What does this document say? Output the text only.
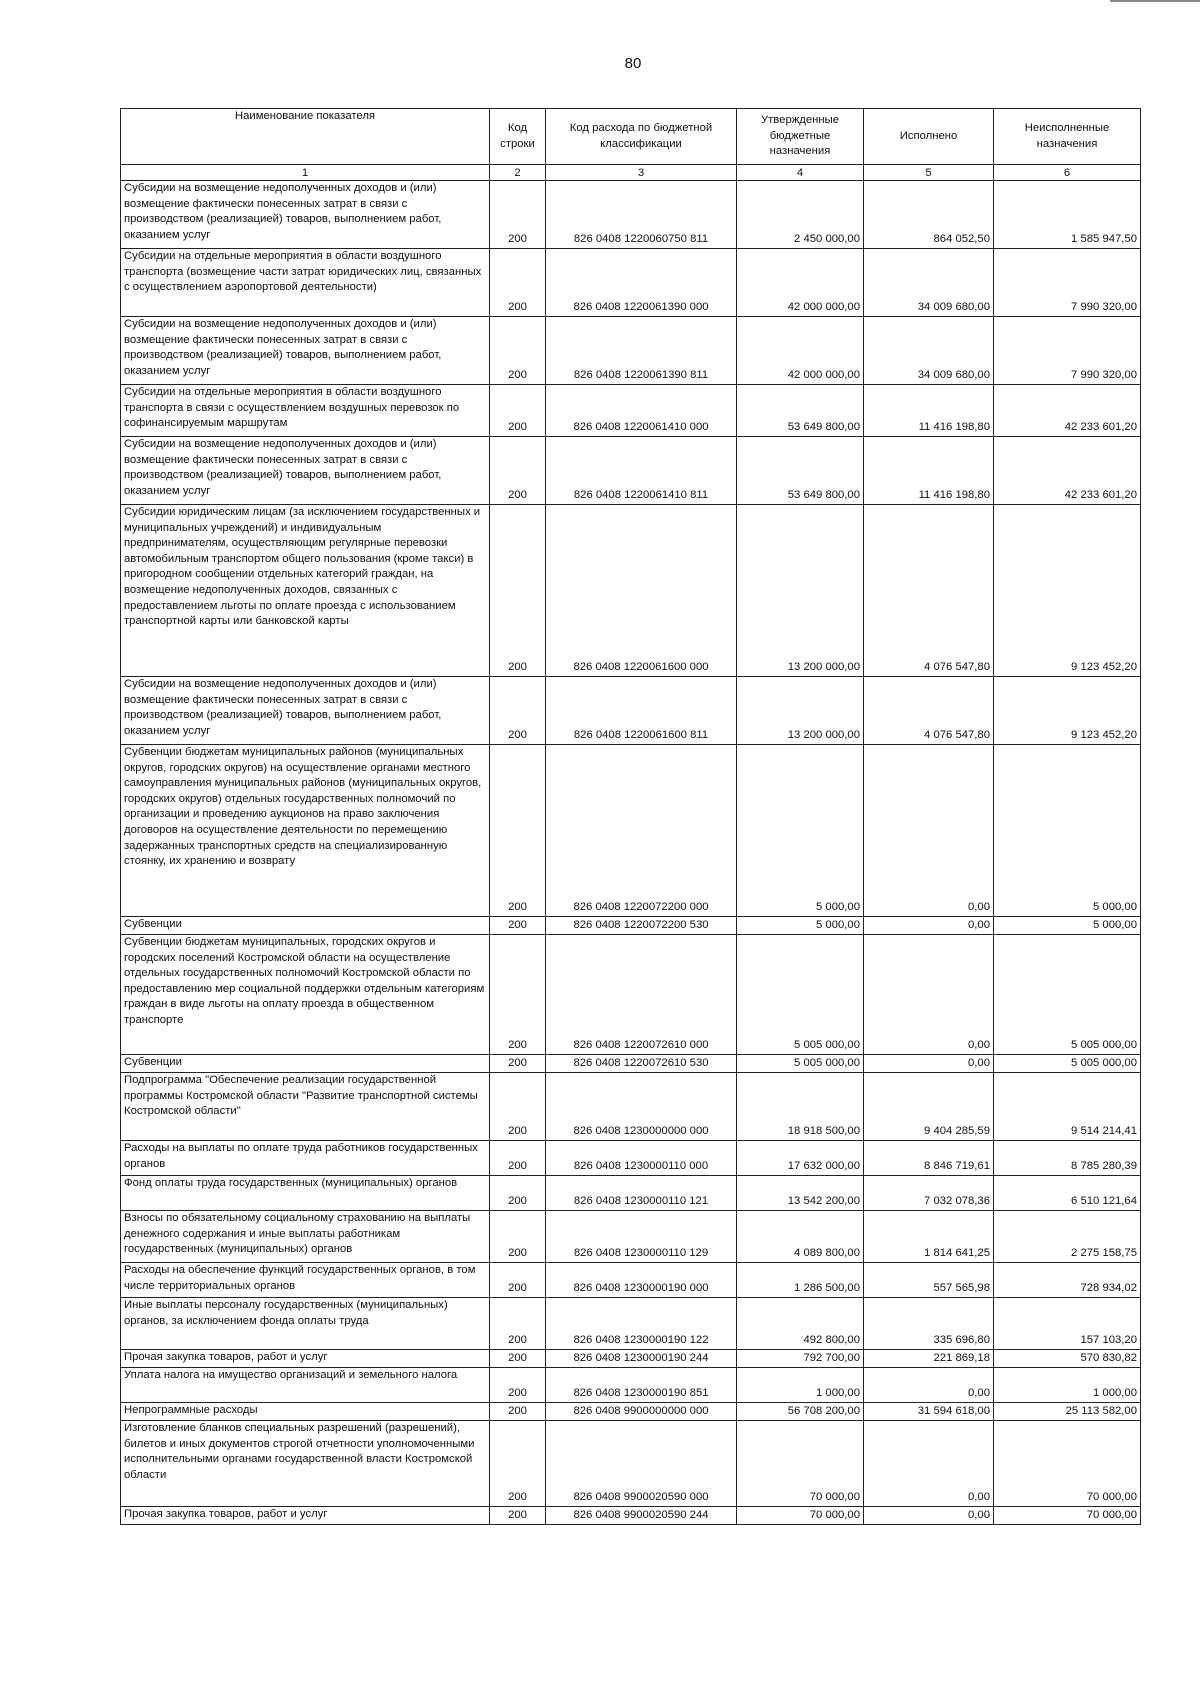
80
Наименование показателя	Код строки	Код расхода по бюджетной классификации	Утвержденные бюджетные назначения	Исполнено	Неисполненные назначения
1	2	3	4	5	6
Субсидии на возмещение недополученных доходов и (или) возмещение фактически понесенных затрат в связи с производством (реализацией) товаров, выполнением работ, оказанием услуг	200	826 0408 1220060750 811	2 450 000,00	864 052,50	1 585 947,50
Субсидии на отдельные мероприятия в области воздушного транспорта (возмещение части затрат юридических лиц, связанных с осуществлением аэропортовой деятельности)	200	826 0408 1220061390 000	42 000 000,00	34 009 680,00	7 990 320,00
Субсидии на возмещение недополученных доходов и (или) возмещение фактически понесенных затрат в связи с производством (реализацией) товаров, выполнением работ, оказанием услуг	200	826 0408 1220061390 811	42 000 000,00	34 009 680,00	7 990 320,00
Субсидии на отдельные мероприятия в области воздушного транспорта в связи с осуществлением воздушных перевозок по софинансируемым маршрутам	200	826 0408 1220061410 000	53 649 800,00	11 416 198,80	42 233 601,20
Субсидии на возмещение недополученных доходов и (или) возмещение фактически понесенных затрат в связи с производством (реализацией) товаров, выполнением работ, оказанием услуг	200	826 0408 1220061410 811	53 649 800,00	11 416 198,80	42 233 601,20
Субсидии юридическим лицам (за исключением государственных и муниципальных учреждений) и индивидуальным предпринимателям, осуществляющим регулярные перевозки автомобильным транспортом общего пользования (кроме такси) в пригородном сообщении отдельных категорий граждан, на возмещение недополученных доходов, связанных с предоставлением льготы по оплате проезда с использованием транспортной карты или банковской карты	200	826 0408 1220061600 000	13 200 000,00	4 076 547,80	9 123 452,20
Субсидии на возмещение недополученных доходов и (или) возмещение фактически понесенных затрат в связи с производством (реализацией) товаров, выполнением работ, оказанием услуг	200	826 0408 1220061600 811	13 200 000,00	4 076 547,80	9 123 452,20
Субвенции бюджетам муниципальных районов (муниципальных округов, городских округов) на осуществление органами местного самоуправления муниципальных районов (муниципальных округов, городских округов) отдельных государственных полномочий по организации и проведению аукционов на право заключения договоров на осуществление деятельности по перемещению задержанных транспортных средств на специализированную стоянку, их хранению и возврату	200	826 0408 1220072200 000	5 000,00	0,00	5 000,00
Субвенции	200	826 0408 1220072200 530	5 000,00	0,00	5 000,00
Субвенции бюджетам муниципальных, городских округов и городских поселений Костромской области на осуществление отдельных государственных полномочий Костромской области по предоставлению мер социальной поддержки отдельным категориям граждан в виде льготы на оплату проезда в общественном транспорте	200	826 0408 1220072610 000	5 005 000,00	0,00	5 005 000,00
Субвенции	200	826 0408 1220072610 530	5 005 000,00	0,00	5 005 000,00
Подпрограмма "Обеспечение реализации государственной программы Костромской области "Развитие транспортной системы Костромской области"	200	826 0408 1230000000 000	18 918 500,00	9 404 285,59	9 514 214,41
Расходы на выплаты по оплате труда работников государственных органов	200	826 0408 1230000110 000	17 632 000,00	8 846 719,61	8 785 280,39
Фонд оплаты труда государственных (муниципальных) органов	200	826 0408 1230000110 121	13 542 200,00	7 032 078,36	6 510 121,64
Взносы по обязательному социальному страхованию на выплаты денежного содержания и иные выплаты работникам государственных (муниципальных) органов	200	826 0408 1230000110 129	4 089 800,00	1 814 641,25	2 275 158,75
Расходы на обеспечение функций государственных органов, в том числе территориальных органов	200	826 0408 1230000190 000	1 286 500,00	557 565,98	728 934,02
Иные выплаты персоналу государственных (муниципальных) органов, за исключением фонда оплаты труда	200	826 0408 1230000190 122	492 800,00	335 696,80	157 103,20
Прочая закупка товаров, работ и услуг	200	826 0408 1230000190 244	792 700,00	221 869,18	570 830,82
Уплата налога на имущество организаций и земельного налога	200	826 0408 1230000190 851	1 000,00	0,00	1 000,00
Непрограммные расходы	200	826 0408 9900000000 000	56 708 200,00	31 594 618,00	25 113 582,00
Изготовление бланков специальных разрешений (разрешений), билетов и иных документов строгой отчетности уполномоченными исполнительными органами государственной власти Костромской области	200	826 0408 9900020590 000	70 000,00	0,00	70 000,00
Прочая закупка товаров, работ и услуг	200	826 0408 9900020590 244	70 000,00	0,00	70 000,00
